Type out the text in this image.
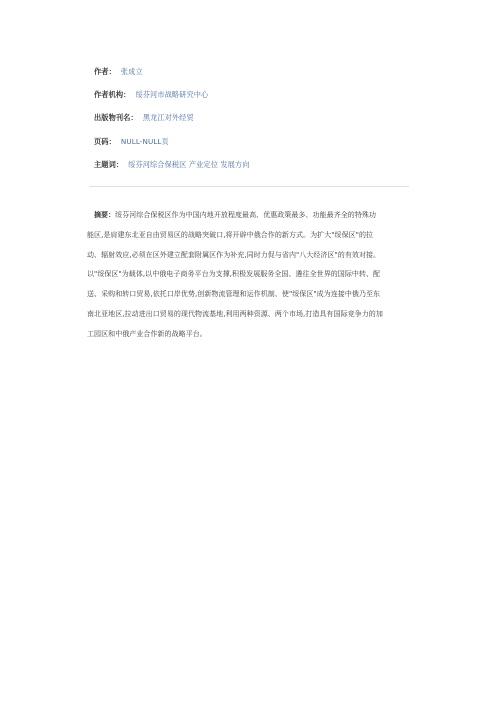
作者： 张成立
作者机构： 绥芬河市战略研究中心
出版物刊名： 黑龙江对外经贸
页码： NULL-NULL页
主题词： 绥芬河综合保税区 产业定位 发展方向
摘要：绥芬河综合保税区作为中国内地开放程度最高、优惠政策最多、功能最齐全的特殊功
能区,是肩建东北亚自由贸易区的战略突破口,将开辟中俄合作的新方式。为扩大"绥保区"的拉
动、辐射效应,必须在区外建立配套附属区作为补充,同时力促与省内"八大经济区"的有效对接。
以"绥保区"为载体,以中俄电子商务平台为支撑,积极发展服务全国、遴往全世界的国际中转、配
送、采购和转口贸易,依托口岸优势,创新物流管理和运作机制、使"绥保区"成为连接中俄乃至东
南北亚地区,拉动进出口贸易的现代物流基地,利用两种资源、两个市场,打造具有国际竞争力的加
工园区和中俄产业合作新的战略平台。
